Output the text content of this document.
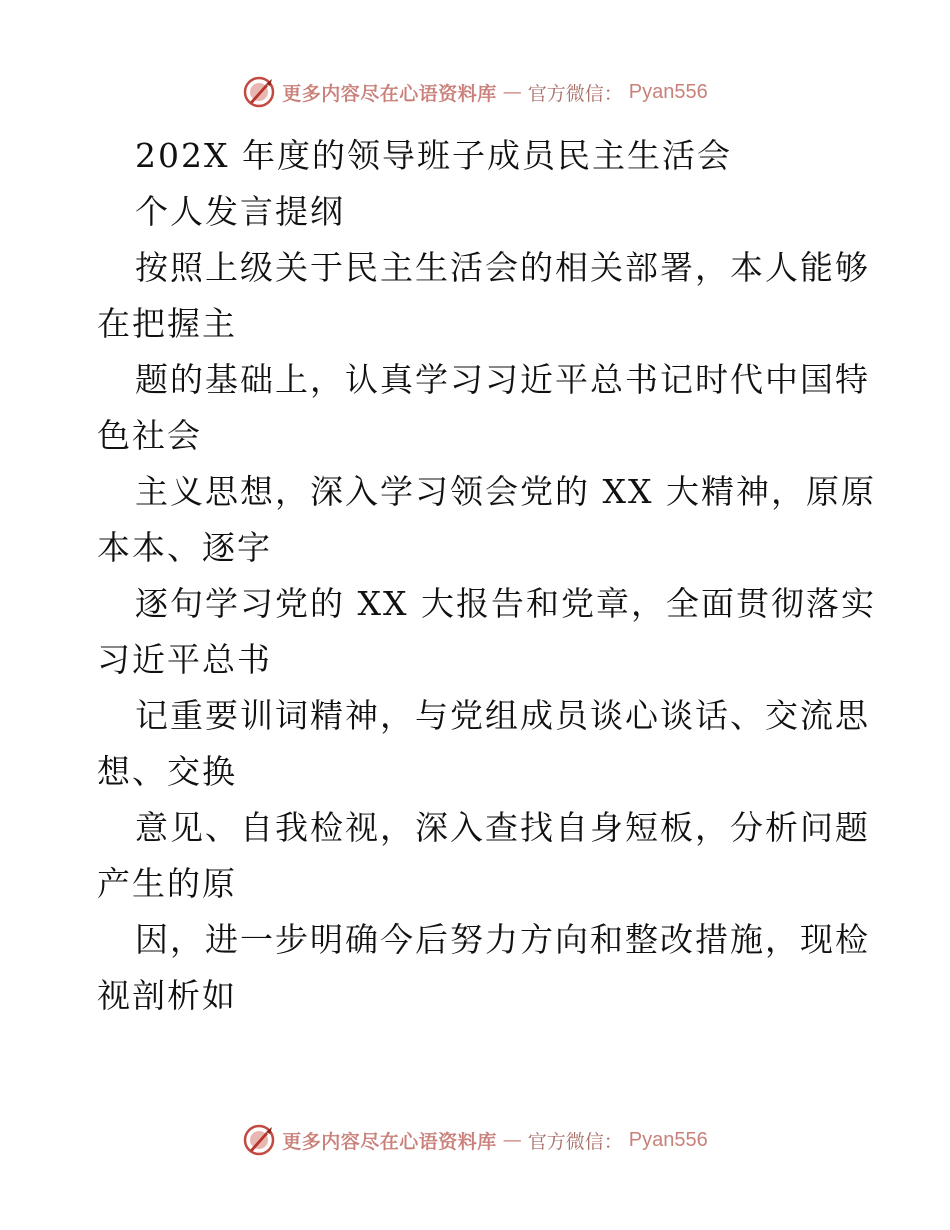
更多内容尽在心语资料库 — 官方微信： Pyan556
202X 年度的领导班子成员民主生活会
个人发言提纲
按照上级关于民主生活会的相关部署，本人能够
在把握主
题的基础上，认真学习习近平总书记时代中国特
色社会
主义思想，深入学习领会党的 XX 大精神，原原
本本、逐字
逐句学习党的 XX 大报告和党章，全面贯彻落实
习近平总书
记重要训词精神，与党组成员谈心谈话、交流思
想、交换
意见、自我检视，深入查找自身短板，分析问题
产生的原
因，进一步明确今后努力方向和整改措施，现检
视剖析如
更多内容尽在心语资料库 — 官方微信： Pyan556
